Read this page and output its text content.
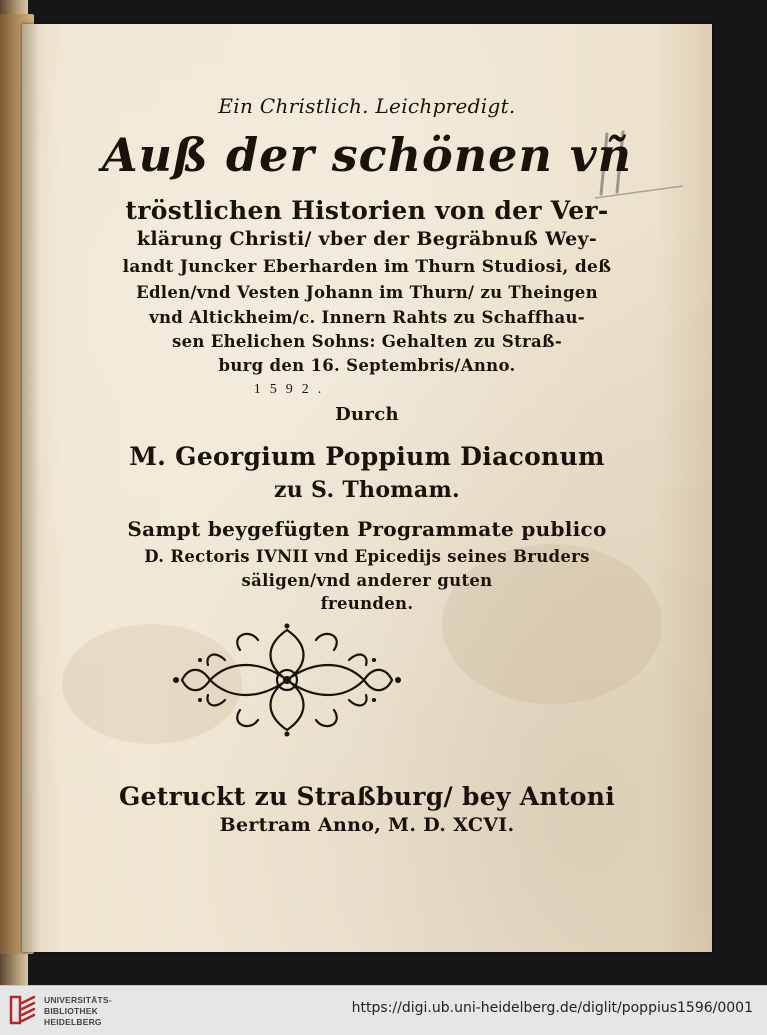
Ein Christlich. Leichpredigt.
Auß der schönen vñ
tröstlichen Historien von der Ver-
klärung Christi/ vber der Begräbnuß Wey-
landt Juncker Eberharden im Thurn Studiosi, deß
Edlen/vnd Vesten Johann im Thurn/ zu Theingen
vnd Altickheim/c. Innern Rahts zu Schaffhau-
sen Ehelichen Sohns: Gehalten zu Straß-
burg den 16. Septembris/Anno.
1592.
Durch
M. Georgium Poppium Diaconum
zu S. Thomam.
Sampt beygefügten Programmate publico
D. Rectoris IVNII vnd Epicedijs seines Bruders
säligen/vnd anderer guten
freunden.
Getruckt zu Straßburg/ bey Antoni
Bertram Anno, M. D. XCVI.
UNIVERSITÄTS-
BIBLIOTHEK
HEIDELBERG
https://digi.ub.uni-heidelberg.de/diglit/poppius1596/0001
